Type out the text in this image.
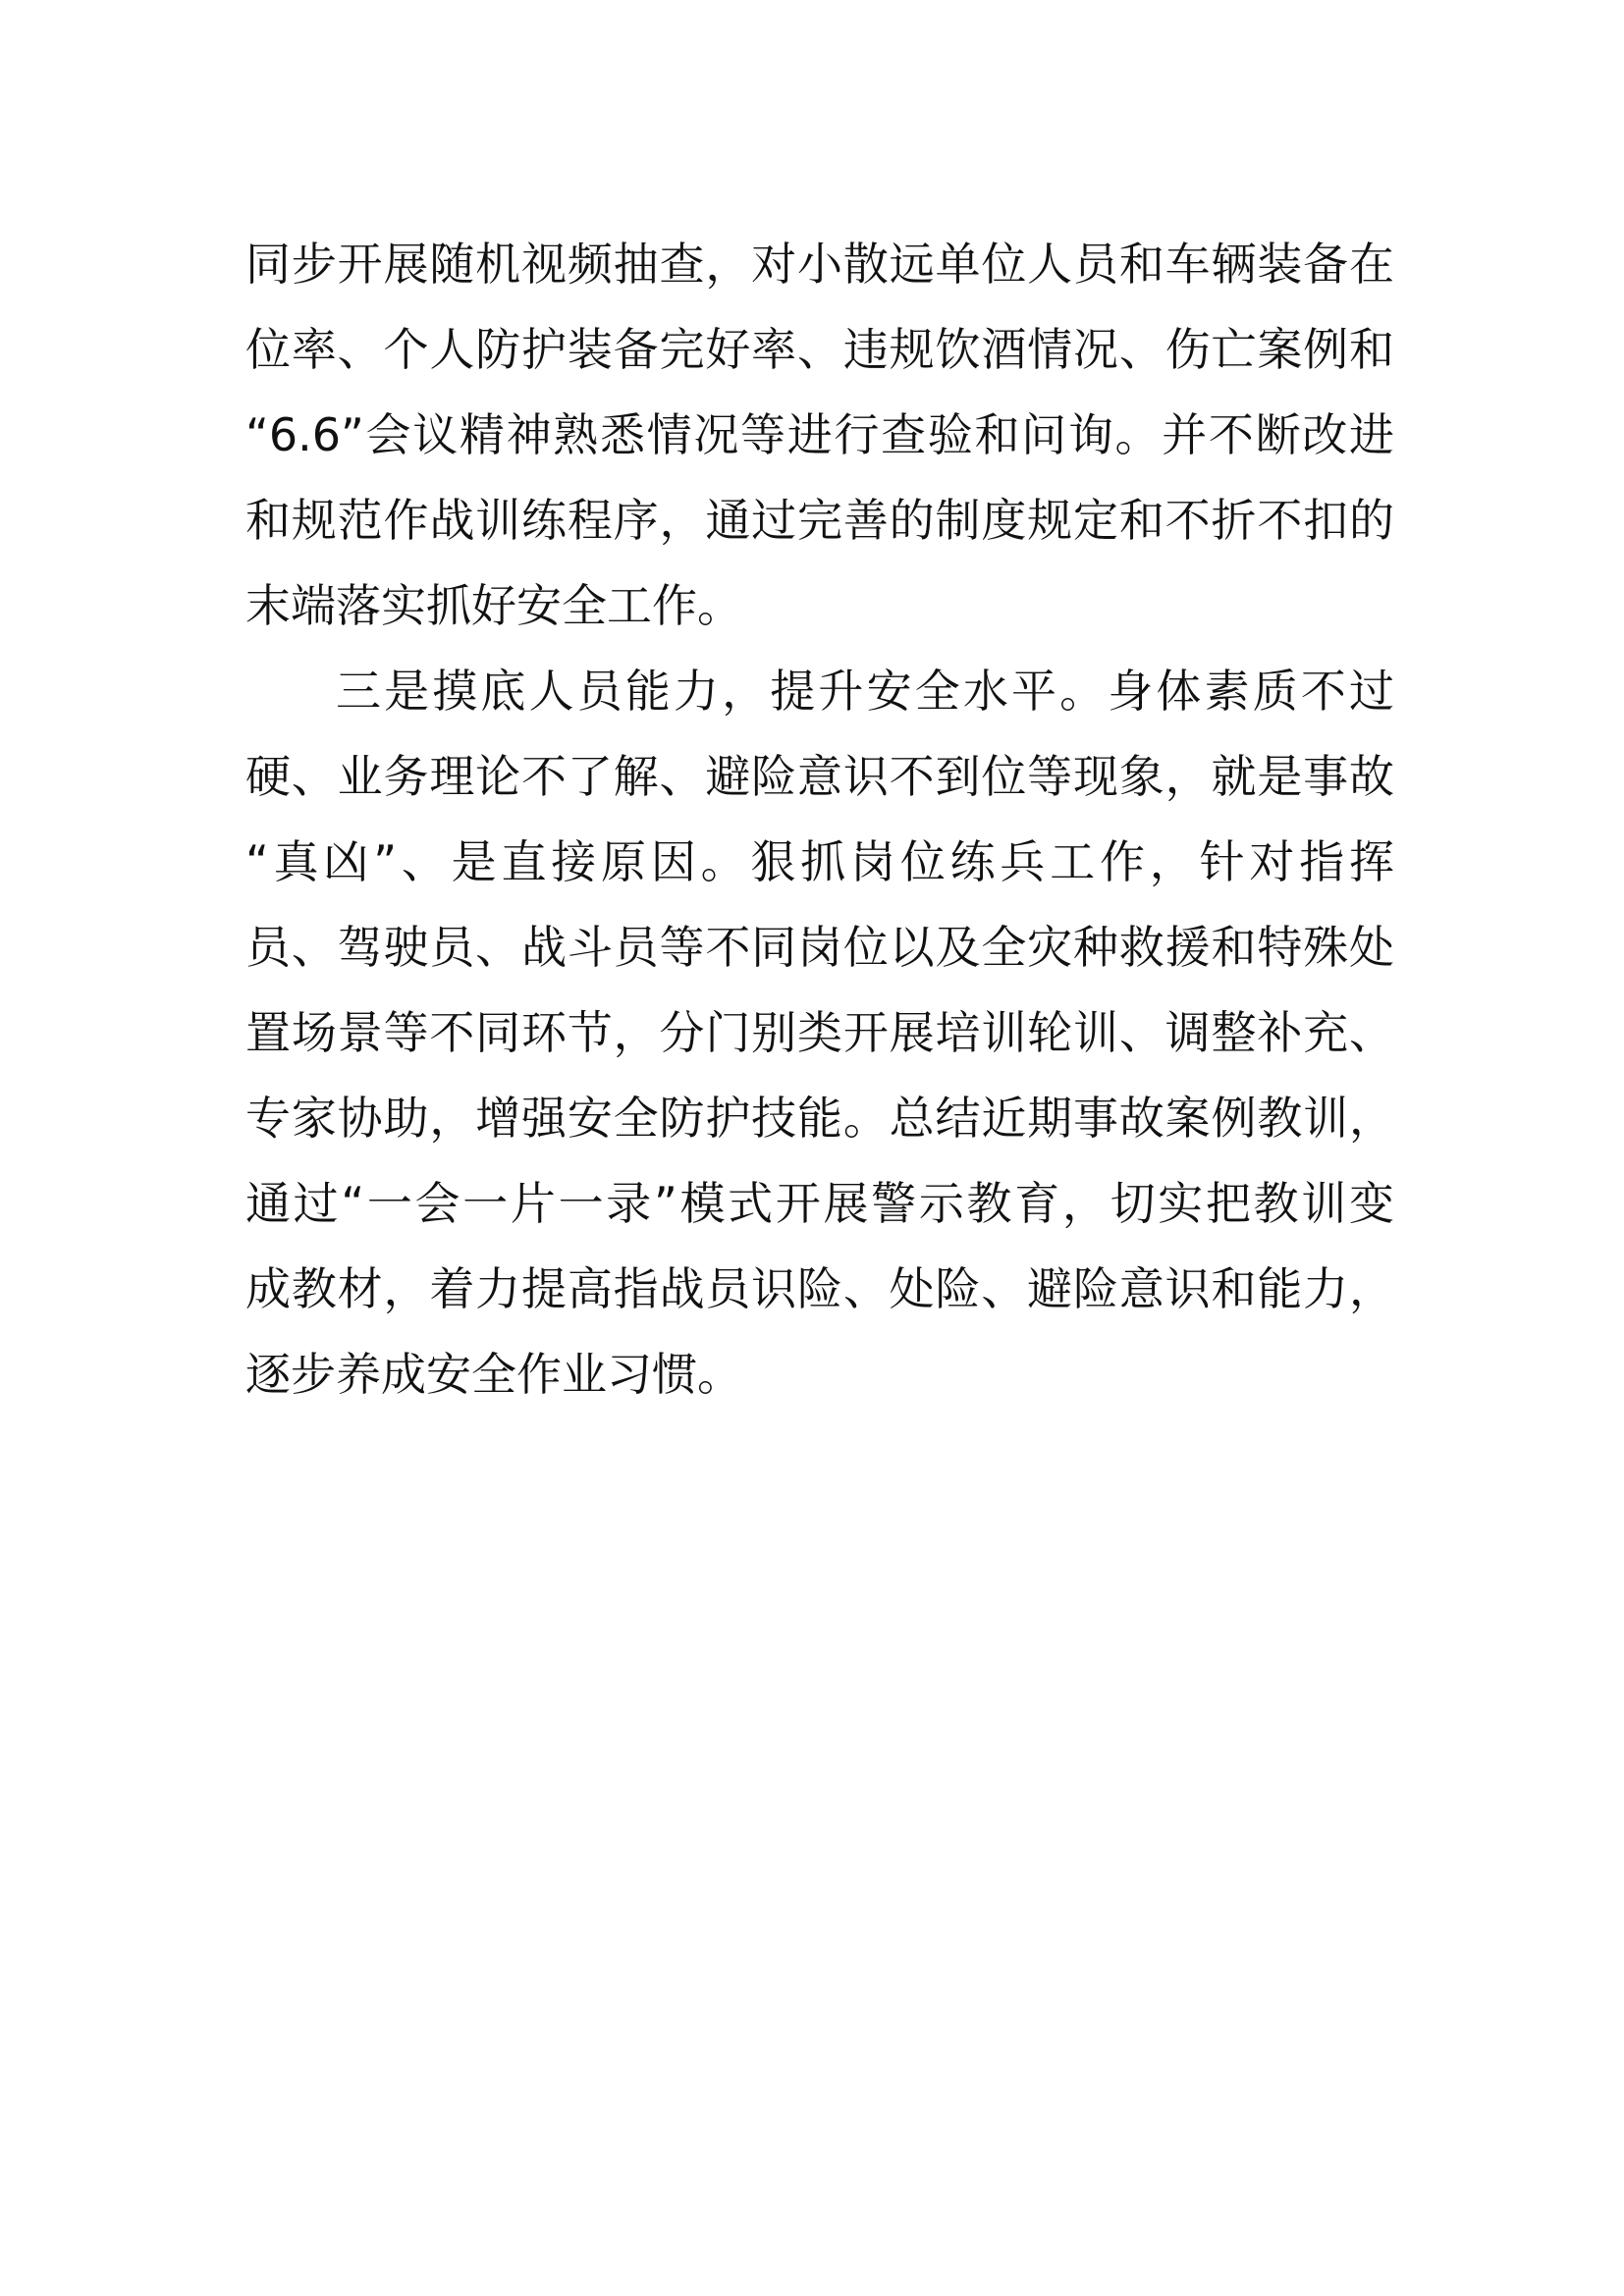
同步开展随机视频抽查，对小散远单位人员和车辆装备在
位率、个人防护装备完好率、违规饮酒情况、伤亡案例和
“6.6”会议精神熟悉情况等进行查验和问询。并不断改进
和规范作战训练程序，通过完善的制度规定和不折不扣的
末端落实抓好安全工作。
三是摸底人员能力，提升安全水平。身体素质不过
硬、业务理论不了解、避险意识不到位等现象，就是事故
“真凶”、是直接原因。狠抓岗位练兵工作，针对指挥
员、驾驶员、战斗员等不同岗位以及全灾种救援和特殊处
置场景等不同环节，分门别类开展培训轮训、调整补充、
专家协助，增强安全防护技能。总结近期事故案例教训，
通过“一会一片一录”模式开展警示教育，切实把教训变
成教材，着力提高指战员识险、处险、避险意识和能力，
逐步养成安全作业习惯。
